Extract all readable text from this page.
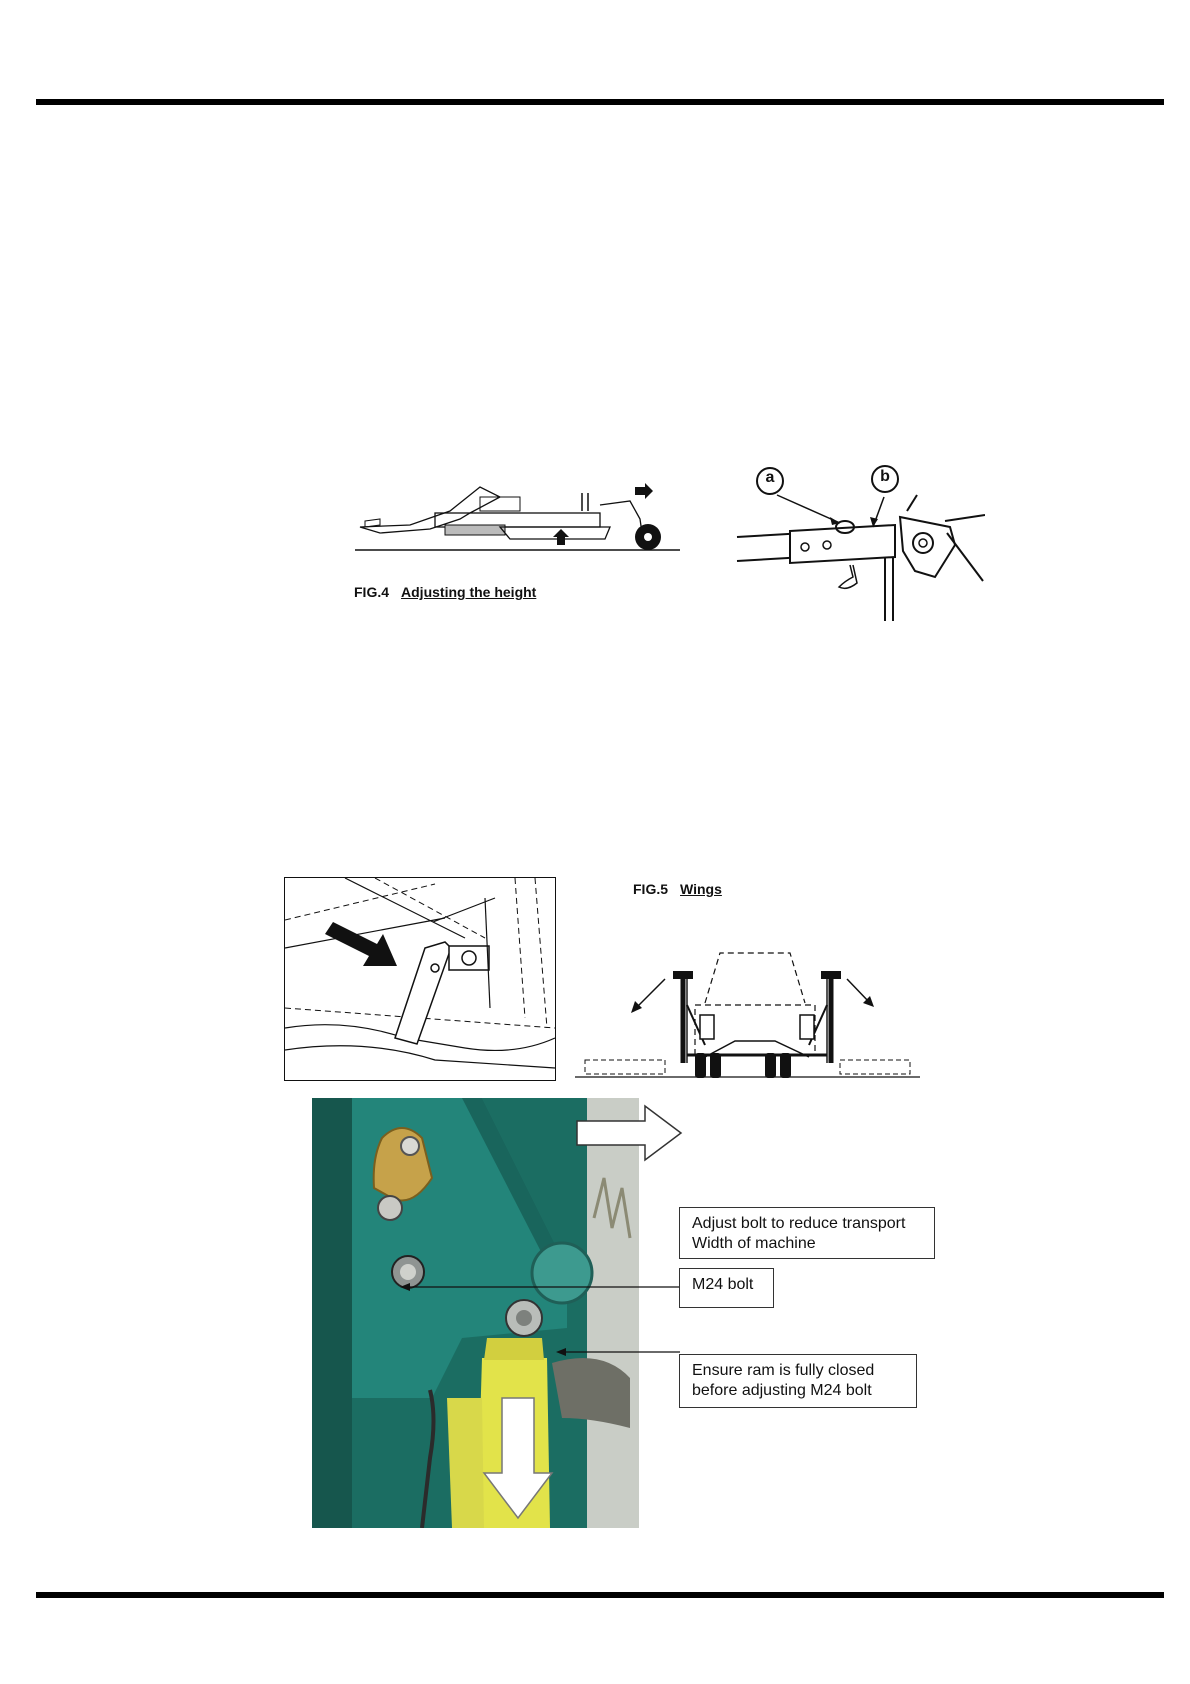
FIG.4 Adjusting the height
a	b
FIG.5 Wings
Adjust bolt to reduce transport
Width of machine
M24 bolt
Ensure ram is fully closed
before adjusting M24 bolt
